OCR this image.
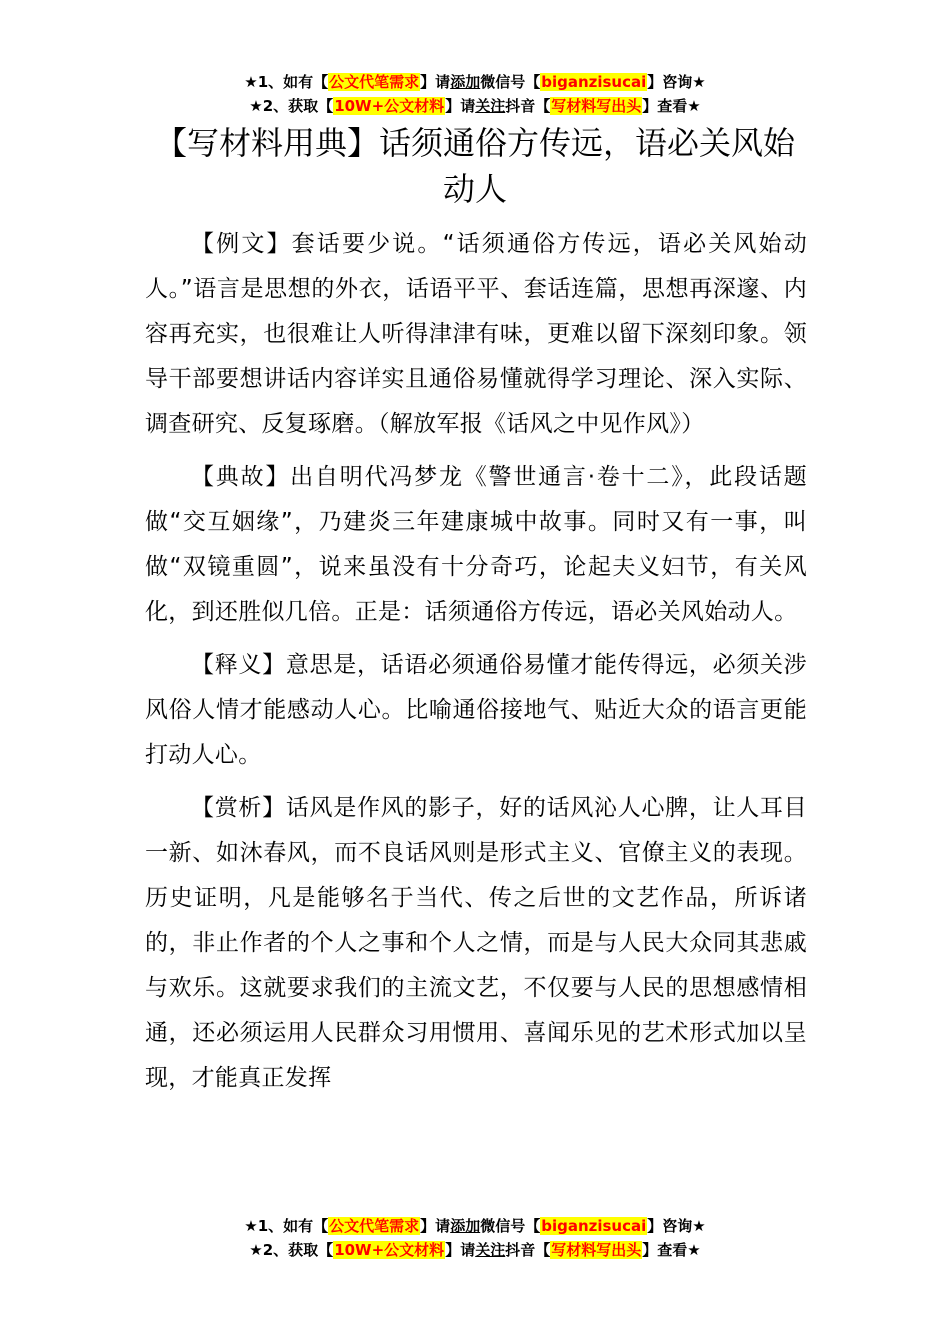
★1、如有【公文代笔需求】请添加微信号【biganzisucai】咨询★
★2、获取【10W+公文材料】请关注抖音【写材料写出头】查看★
【写材料用典】话须通俗方传远，语必关风始动人

【例文】套话要少说。“话须通俗方传远，语必关风始动人。”语言是思想的外衣，话语平平、套话连篇，思想再深邃、内容再充实，也很难让人听得津津有味，更难以留下深刻印象。领导干部要想讲话内容详实且通俗易懂就得学习理论、深入实际、调查研究、反复琢磨。（解放军报《话风之中见作风》）

【典故】出自明代冯梦龙《警世通言·卷十二》，此段话题做“交互姻缘”，乃建炎三年建康城中故事。同时又有一事，叫做“双镜重圆”，说来虽没有十分奇巧，论起夫义妇节，有关风化，到还胜似几倍。正是：话须通俗方传远，语必关风始动人。

【释义】意思是，话语必须通俗易懂才能传得远，必须关涉风俗人情才能感动人心。比喻通俗接地气、贴近大众的语言更能打动人心。

【赏析】话风是作风的影子，好的话风沁人心脾，让人耳目一新、如沐春风，而不良话风则是形式主义、官僚主义的表现。历史证明，凡是能够名于当代、传之后世的文艺作品，所诉诸的，非止作者的个人之事和个人之情，而是与人民大众同其悲戚与欢乐。这就要求我们的主流文艺，不仅要与人民的思想感情相通，还必须运用人民群众习用惯用、喜闻乐见的艺术形式加以呈现，才能真正发挥

★1、如有【公文代笔需求】请添加微信号【biganzisucai】咨询★
★2、获取【10W+公文材料】请关注抖音【写材料写出头】查看★
